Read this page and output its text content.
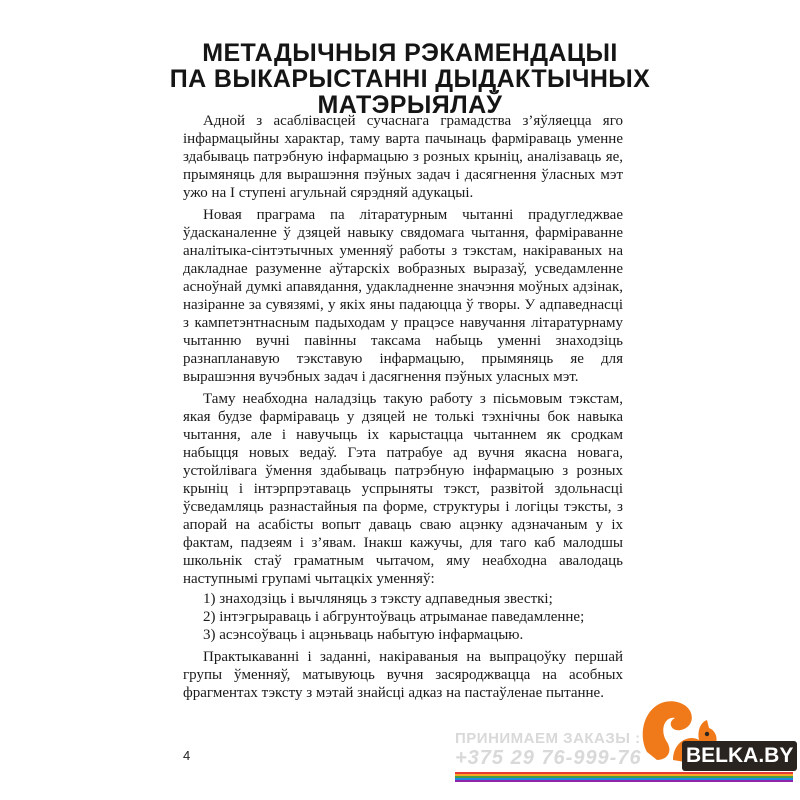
МЕТАДЫЧНЫЯ РЭКАМЕНДАЦЫІ
ПА ВЫКАРЫСТАННІ ДЫДАКТЫЧНЫХ
МАТЭРЫЯЛАЎ

Адной з асаблівасцей сучаснага грамадства з’яўляецца яго інфармацыйны характар, таму варта пачынаць фарміраваць уменне здабываць патрэбную інфармацыю з розных крыніц, аналізаваць яе, прымяняць для вырашэння пэўных задач і дасягнення ўласных мэт ужо на І ступені агульнай сярэдняй адукацыі.

Новая праграма па літаратурным чытанні прадугледжвае ўдасканаленне ў дзяцей навыку свядомага чытання, фарміраванне аналітыка-сінтэтычных уменняў работы з тэкстам, накіраваных на дакладнае разуменне аўтарскіх вобразных выразаў, усведамленне асноўнай думкі апавядання, удакладненне значэння моўных адзінак, назіранне за сувязямі, у якіх яны падаюцца ў творы. У адпаведнасці з кампетэнтнасным падыходам у працэсе навучання літаратурнаму чытанню вучні павінны таксама набыць уменні знаходзіць разнапланавую тэкставую інфармацыю, прымяняць яе для вырашэння вучэбных задач і дасягнення пэўных уласных мэт.

Таму неабходна наладзіць такую работу з пісьмовым тэкстам, якая будзе фарміраваць у дзяцей не толькі тэхнічны бок навыка чытання, але і навучыць іх карыстацца чытаннем як сродкам набыцця новых ведаў. Гэта патрабуе ад вучня якасна новага, устойлівага ўмення здабываць патрэбную інфармацыю з розных крыніц і інтэрпрэтаваць успрыняты тэкст, развітой здольнасці ўсведамляць разнастайныя па форме, структуры і логіцы тэксты, з апорай на асабісты вопыт даваць сваю ацэнку адзначаным у іх фактам, падзеям і з’явам. Інакш кажучы, для таго каб малодшы школьнік стаў граматным чытачом, яму неабходна авалодаць наступнымі групамі чытацкіх уменняў:

1) знаходзіць і вычляняць з тэксту адпаведныя звесткі;
2) інтэгрыраваць і абгрунтоўваць атрыманае паведамленне;
3) асэнсоўваць і ацэньваць набытую інфармацыю.

Практыкаванні і заданні, накіраваныя на выпрацоўку першай групы ўменняў, матывуюць вучня засяроджвацца на асобных фрагментах тэксту з мэтай знайсці адказ на пастаўленае пытанне.

4
ПРИНИМАЕМ ЗАКАЗЫ :
+375 29 76-999-76	BELKA.BY
